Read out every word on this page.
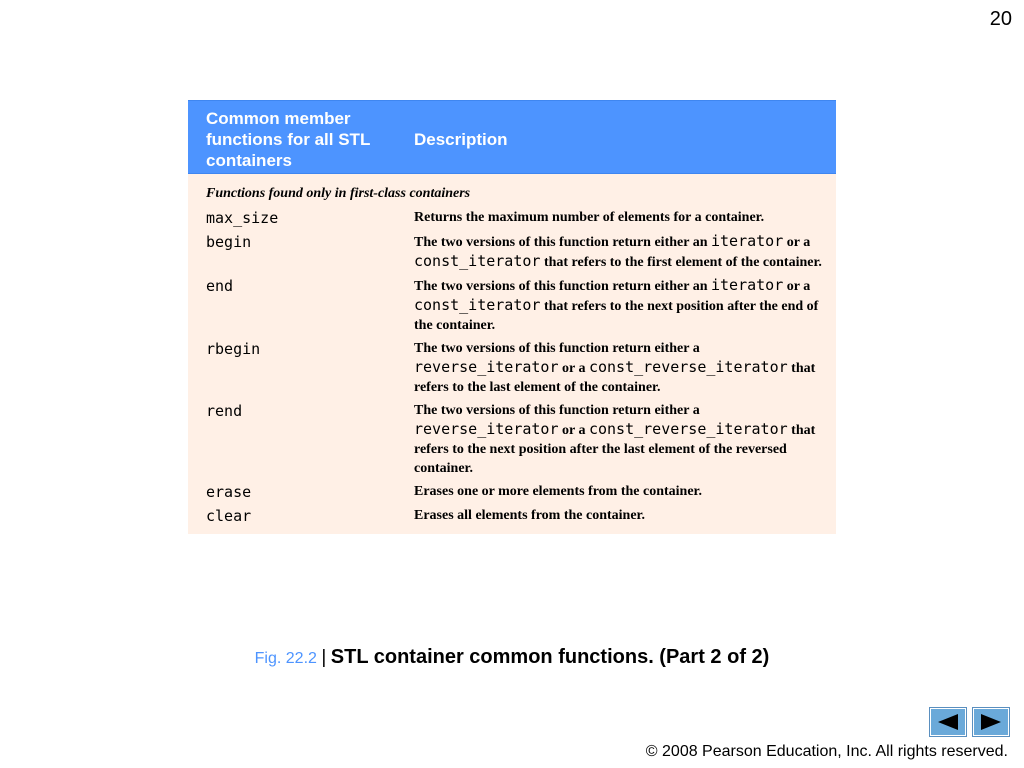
20
Common member functions for all STL containers	Description
Functions found only in first-class containers	
max_size	Returns the maximum number of elements for a container.
begin	The two versions of this function return either an iterator or a const_iterator that refers to the first element of the container.
end	The two versions of this function return either an iterator or a const_iterator that refers to the next position after the end of the container.
rbegin	The two versions of this function return either a reverse_iterator or a const_reverse_iterator that refers to the last element of the container.
rend	The two versions of this function return either a reverse_iterator or a const_reverse_iterator that refers to the next position after the last element of the reversed container.
erase	Erases one or more elements from the container.
clear	Erases all elements from the container.
Fig. 22.2 | STL container common functions. (Part 2 of 2)
© 2008 Pearson Education, Inc. All rights reserved.
